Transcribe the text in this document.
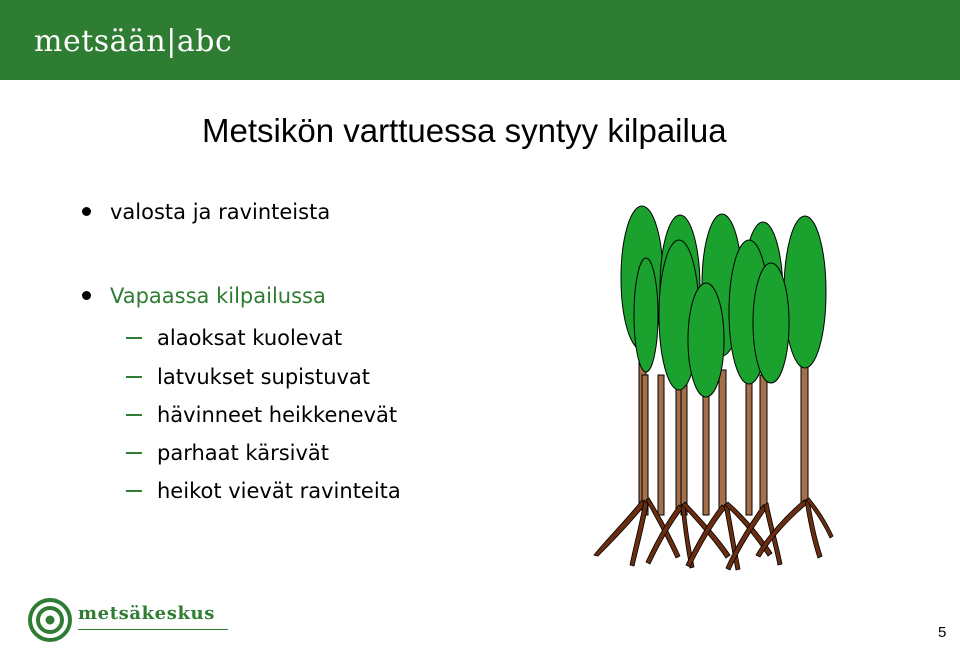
metsään|abc
Metsikön varttuessa syntyy kilpailua
valosta ja ravinteista
Vapaassa kilpailussa
alaoksat kuolevat
latvukset supistuvat
hävinneet heikkenevät
parhaat kärsivät
heikot vievät ravinteita
metsäkeskus
5
